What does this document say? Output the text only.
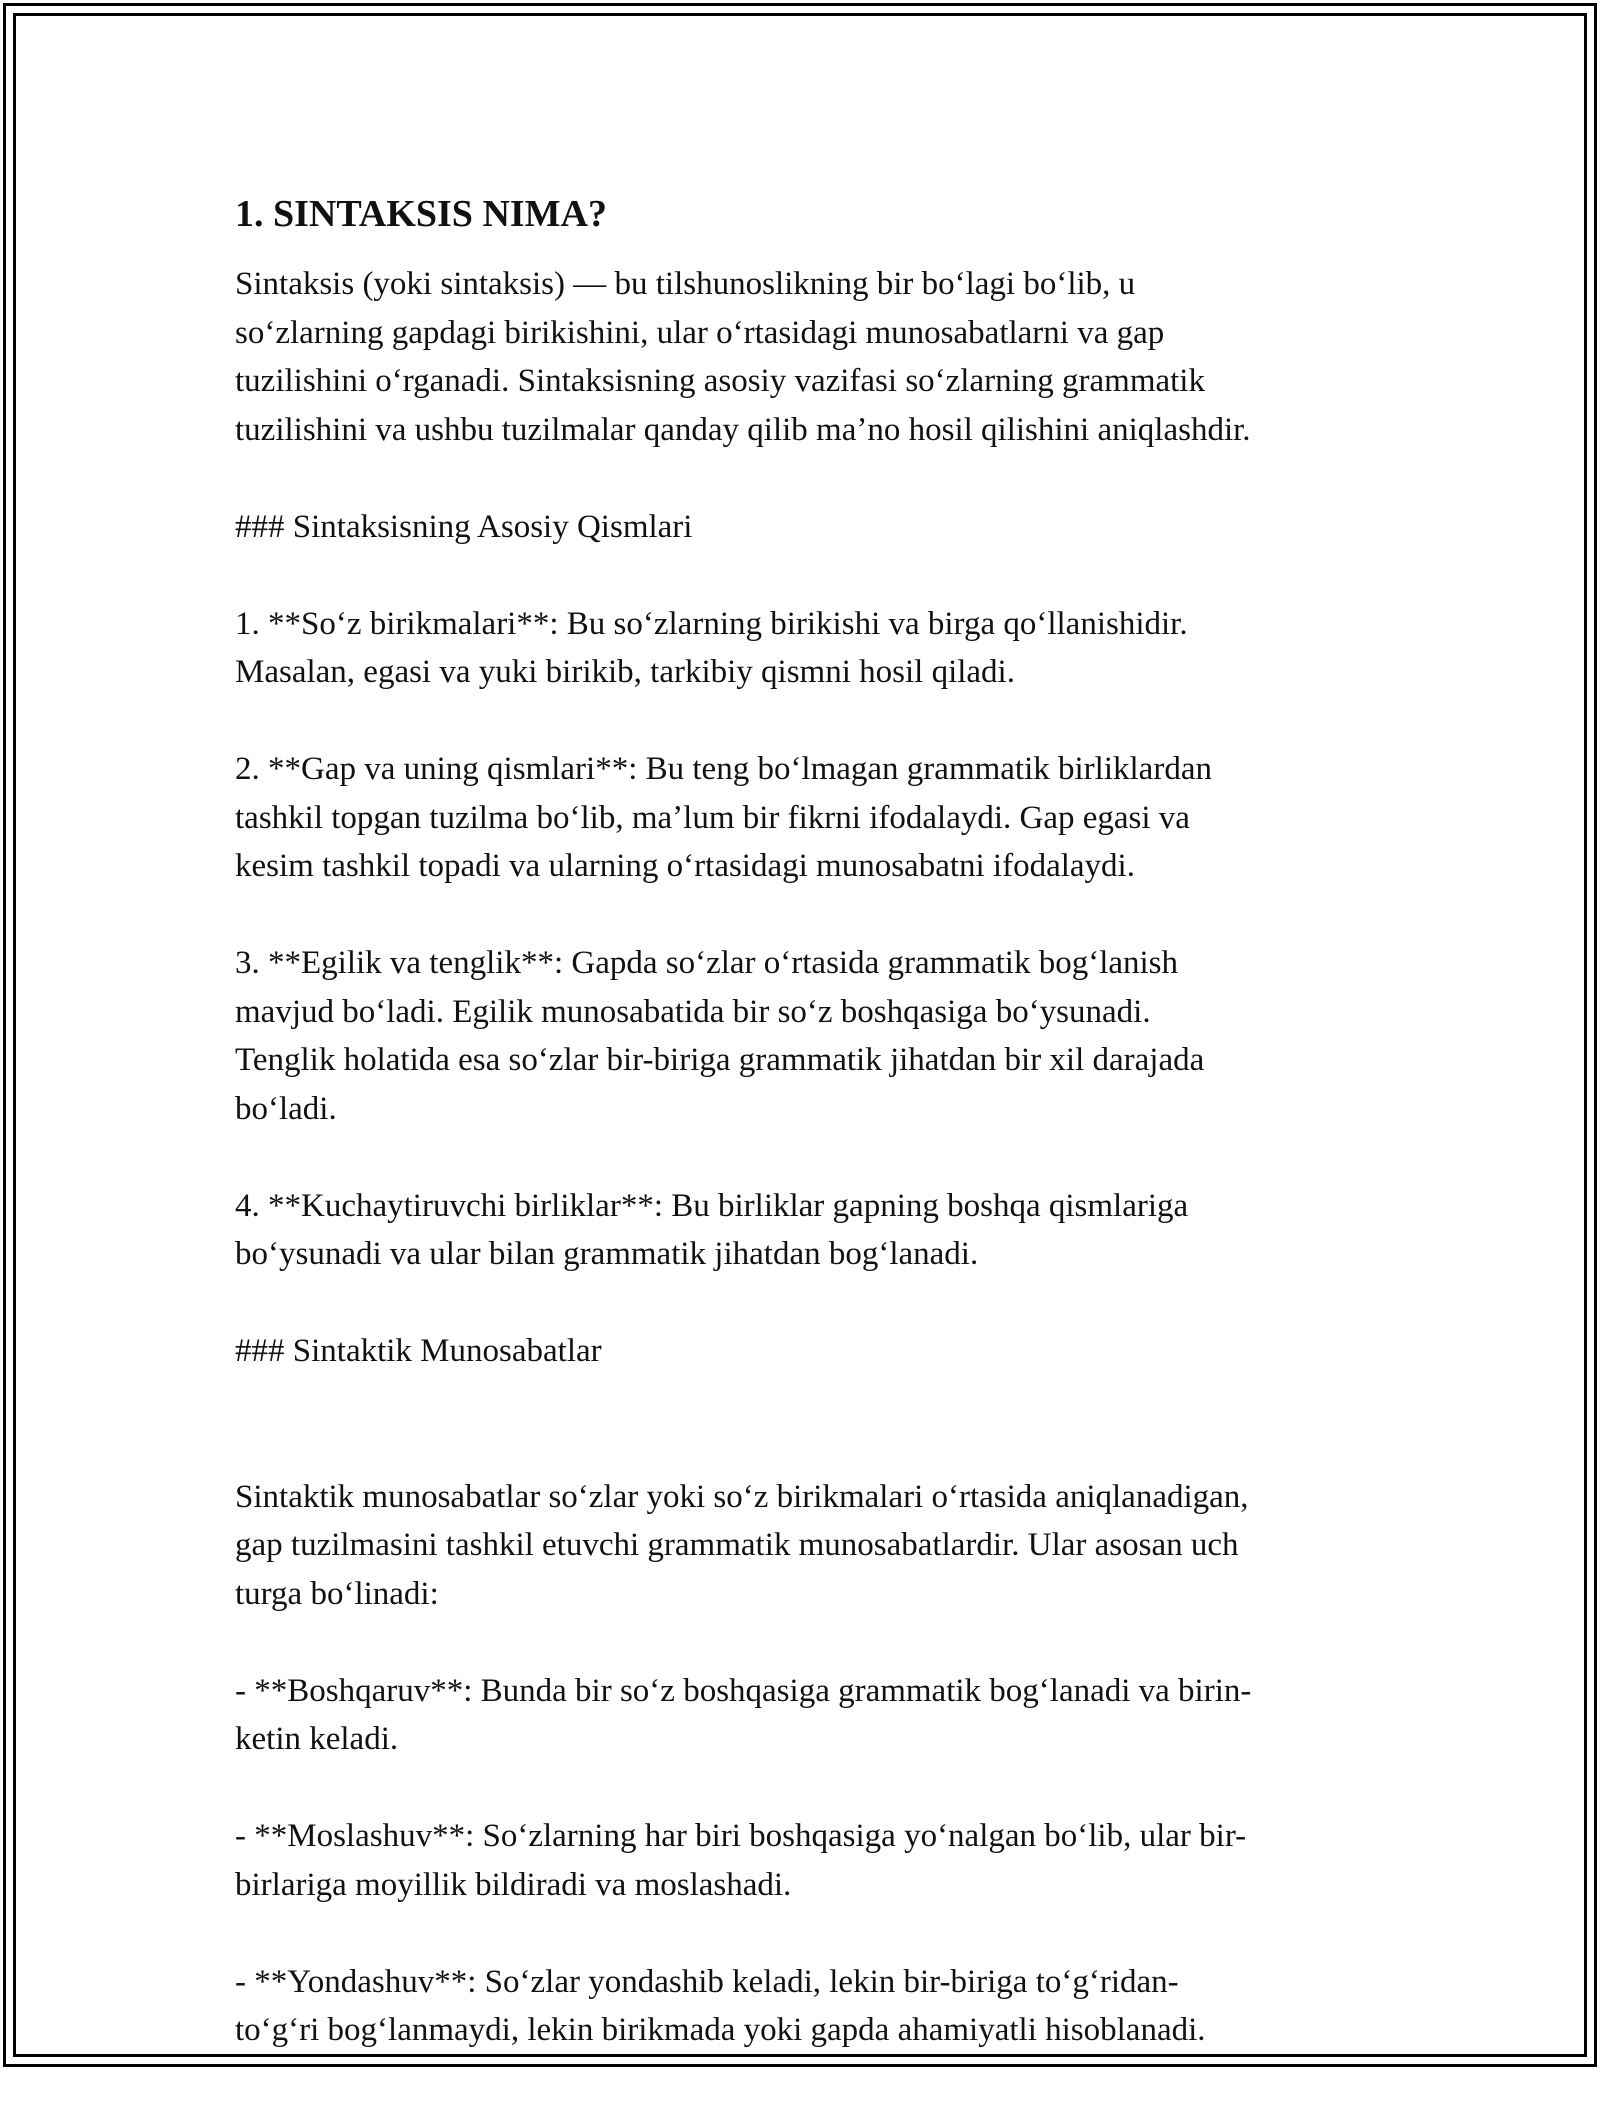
1. SINTAKSIS NIMA?

Sintaksis (yoki sintaksis) — bu tilshunoslikning bir boʻlagi boʻlib, u
soʻzlarning gapdagi birikishini, ular oʻrtasidagi munosabatlarni va gap
tuzilishini oʻrganadi. Sintaksisning asosiy vazifasi soʻzlarning grammatik
tuzilishini va ushbu tuzilmalar qanday qilib maʼno hosil qilishini aniqlashdir.

### Sintaksisning Asosiy Qismlari

1. **Soʻz birikmalari**: Bu soʻzlarning birikishi va birga qoʻllanishidir.
Masalan, egasi va yuki birikib, tarkibiy qismni hosil qiladi.

2. **Gap va uning qismlari**: Bu teng boʻlmagan grammatik birliklardan
tashkil topgan tuzilma boʻlib, maʼlum bir fikrni ifodalaydi. Gap egasi va
kesim tashkil topadi va ularning oʻrtasidagi munosabatni ifodalaydi.

3. **Egilik va tenglik**: Gapda soʻzlar oʻrtasida grammatik bogʻlanish
mavjud boʻladi. Egilik munosabatida bir soʻz boshqasiga boʻysunadi.
Tenglik holatida esa soʻzlar bir-biriga grammatik jihatdan bir xil darajada
boʻladi.

4. **Kuchaytiruvchi birliklar**: Bu birliklar gapning boshqa qismlariga
boʻysunadi va ular bilan grammatik jihatdan bogʻlanadi.

### Sintaktik Munosabatlar

Sintaktik munosabatlar soʻzlar yoki soʻz birikmalari oʻrtasida aniqlanadigan,
gap tuzilmasini tashkil etuvchi grammatik munosabatlardir. Ular asosan uch
turga boʻlinadi:

- **Boshqaruv**: Bunda bir soʻz boshqasiga grammatik bogʻlanadi va birin-
ketin keladi.

- **Moslashuv**: Soʻzlarning har biri boshqasiga yoʻnalgan boʻlib, ular bir-
birlariga moyillik bildiradi va moslashadi.

- **Yondashuv**: Soʻzlar yondashib keladi, lekin bir-biriga toʻgʻridan-
toʻgʻri bogʻlanmaydi, lekin birikmada yoki gapda ahamiyatli hisoblanadi.
